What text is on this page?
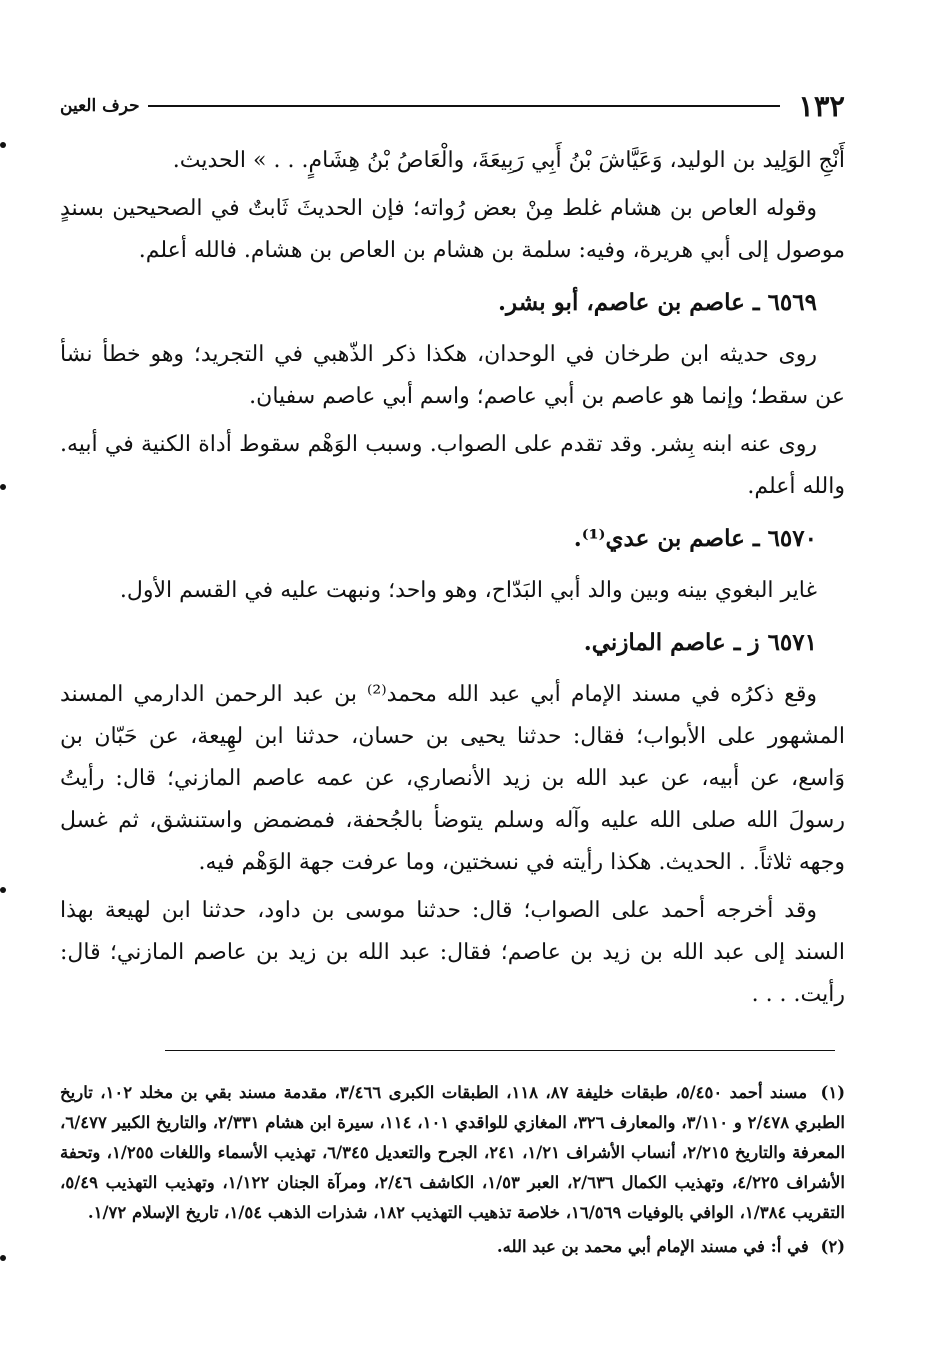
١٣٢
حرف العين

أَنْجِ الوَلِيد بن الوليد، وَعَيَّاشَ بْنُ أَبِي رَبِيعَةَ، والْعَاصُ بْنُ هِشَامٍ. . . » الحديث.

وقوله العاص بن هشام غلط مِنْ بعض رُواته؛ فإن الحديثَ ثَابتٌ في الصحيحين بسندٍ موصول إلى أبي هريرة، وفيه: سلمة بن هشام بن العاص بن هشام. فالله أعلم.

٦٥٦٩ ـ عاصم بن عاصم، أبو بشر.

روى حديثه ابن طرخان في الوحدان، هكذا ذكر الذّهبي في التجريد؛ وهو خطأ نشأ عن سقط؛ وإنما هو عاصم بن أبي عاصم؛ واسم أبي عاصم سفيان.

روى عنه ابنه بِشر. وقد تقدم على الصواب. وسبب الوَهْم سقوط أداة الكنية في أبيه. والله أعلم.

٦٥٧٠ ـ عاصم بن عدي⁽¹⁾.

غاير البغوي بينه وبين والد أبي البَدّاح، وهو واحد؛ ونبهت عليه في القسم الأول.

٦٥٧١ ز ـ عاصم المازني.

وقع ذكرُه في مسند الإمام أبي عبد الله محمد⁽²⁾ بن عبد الرحمن الدارمي المسند المشهور على الأبواب؛ فقال: حدثنا يحيى بن حسان، حدثنا ابن لهِيعة، عن حَبّان بن وَاسع، عن أبيه، عن عبد الله بن زيد الأنصاري، عن عمه عاصم المازني؛ قال: رأيتُ رسولَ الله صلى الله عليه وآله وسلم يتوضأ بالجُحفة، فمضمض واستنشق، ثم غسل وجهه ثلاثاً. . الحديث. هكذا رأيته في نسختين، وما عرفت جهة الوَهْم فيه.

وقد أخرجه أحمد على الصواب؛ قال: حدثنا موسى بن داود، حدثنا ابن لهيعة بهذا السند إلى عبد الله بن زيد بن عاصم؛ فقال: عبد الله بن زيد بن عاصم المازني؛ قال: رأيت. . . .

(١) مسند أحمد ٥/٤٥٠، طبقات خليفة ٨٧، ١١٨، الطبقات الكبرى ٣/٤٦٦، مقدمة مسند بقي بن مخلد ١٠٢، تاريخ الطبري ٢/٤٧٨ و ٣/١١٠، والمعارف ٣٢٦، المغازي للواقدي ١٠١، ١١٤، سيرة ابن هشام ٢/٣٣١، والتاريخ الكبير ٦/٤٧٧، المعرفة والتاريخ ٢/٢١٥، أنساب الأشراف ١/٢١، ٢٤١، الجرح والتعديل ٦/٣٤٥، تهذيب الأسماء واللغات ١/٢٥٥، وتحفة الأشراف ٤/٢٢٥، وتهذيب الكمال ٢/٦٣٦، العبر ١/٥٣، الكاشف ٢/٤٦، ومرآة الجنان ١/١٢٢، وتهذيب التهذيب ٥/٤٩، التقريب ١/٣٨٤، الوافي بالوفيات ١٦/٥٦٩، خلاصة تذهيب التهذيب ١٨٢، شذرات الذهب ١/٥٤، تاريخ الإسلام ١/٧٢.

(٢) في أ: في مسند الإمام أبي محمد بن عبد الله.
